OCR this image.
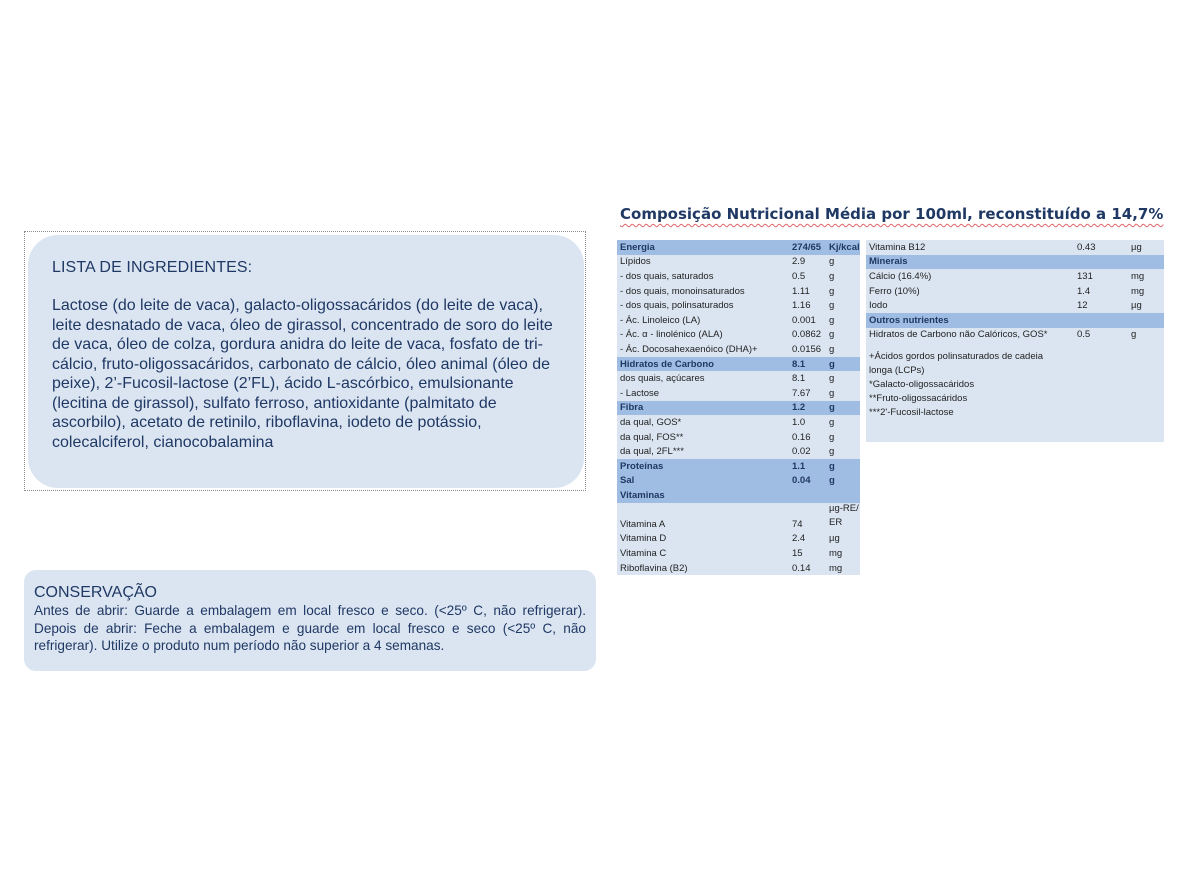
LISTA DE INGREDIENTES:

Lactose (do leite de vaca), galacto-oligossacáridos (do leite de vaca), leite desnatado de vaca, óleo de girassol, concentrado de soro do leite de vaca, óleo de colza, gordura anidra do leite de vaca, fosfato de tri-cálcio, fruto-oligossacáridos, carbonato de cálcio, óleo animal (óleo de peixe), 2’-Fucosil-lactose (2’FL), ácido L-ascórbico, emulsionante (lecitina de girassol), sulfato ferroso, antioxidante (palmitato de ascorbilo), acetato de retinilo, riboflavina, iodeto de potássio, colecalciferol, cianocobalamina

CONSERVAÇÃO

Antes de abrir: Guarde a embalagem em local fresco e seco. (<25º C, não refrigerar). Depois de abrir: Feche a embalagem e guarde em local fresco e seco (<25º C, não refrigerar). Utilize o produto num período não superior a 4 semanas.

Composição Nutricional Média por 100ml, reconstituído a 14,7%
Energia	274/65 Kj/kcal
Lípidos	2.9	g
- dos quais, saturados	0.5	g
- dos quais, monoinsaturados	1.11	g
- dos quais, polinsaturados	1.16	g
- Ác. Linoleico (LA)	0.001	g
- Ác. α - linolénico (ALA)	0.0862 g
- Ác. Docosahexaenóico (DHA)+	0.0156 g
Hidratos de Carbono	8.1	g
dos quais, açúcares	8.1	g
- Lactose	7.67	g
Fibra	1.2	g
da qual, GOS*	1.0	g
da qual, FOS**	0.16	g
da qual, 2FL***	0.02	g
Proteínas	1.1	g
Sal	0.04	g
Vitaminas
Vitamina A	74
µg-RE/ER
Vitamina D	2.4	µg
Vitamina C	15	mg
Riboflavina (B2)	0.14	mg
Vitamina B12	0.43	µg
Minerais
Cálcio (16.4%)	131	mg
Ferro (10%)	1.4	mg
Iodo	12	µg
Outros nutrientes
Hidratos de Carbono não Calóricos, GOS*	0.5	g
+Ácidos gordos polinsaturados de cadeia
longa (LCPs)
*Galacto-oligossacáridos
**Fruto-oligossacáridos
***2'-Fucosil-lactose
